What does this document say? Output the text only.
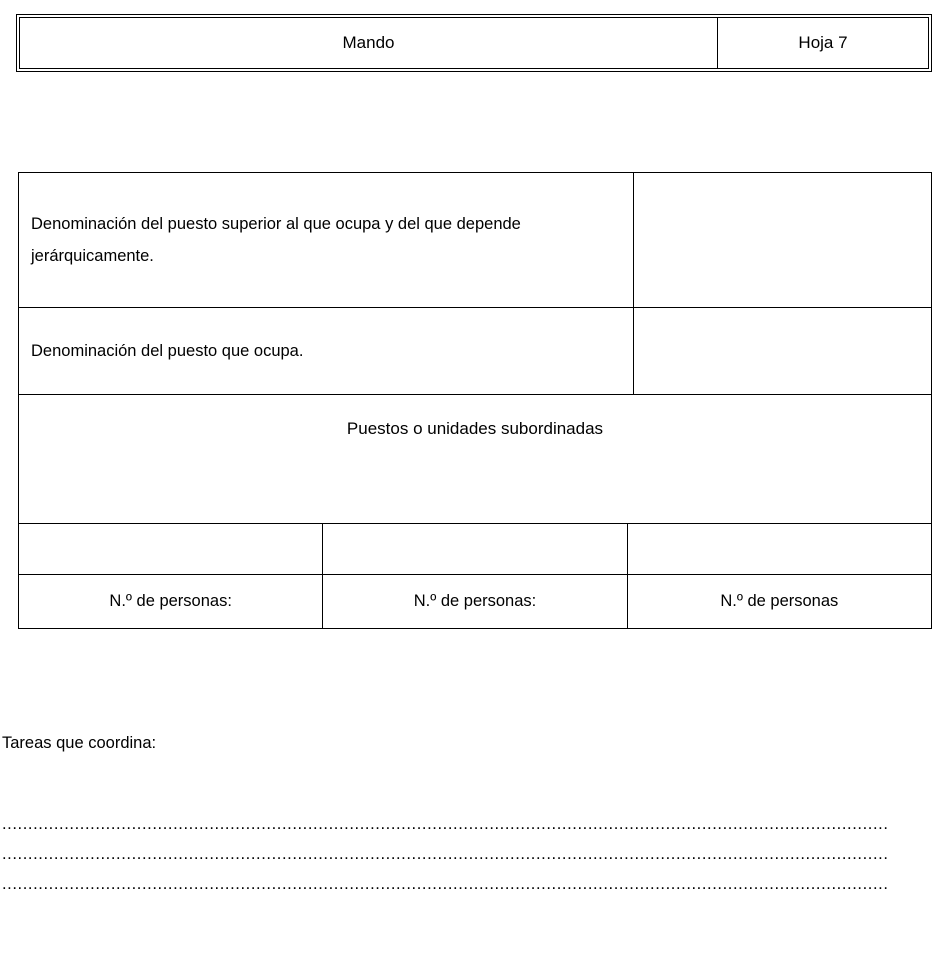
Mando	Hoja 7
Denominación del puesto superior al que ocupa y del que depende jerárquicamente.
Denominación del puesto que ocupa.
Puestos o unidades subordinadas
N.º de personas:	N.º de personas:	N.º de personas
Tareas que coordina:
...........................................................................................................................................................................
...........................................................................................................................................................................
...........................................................................................................................................................................
